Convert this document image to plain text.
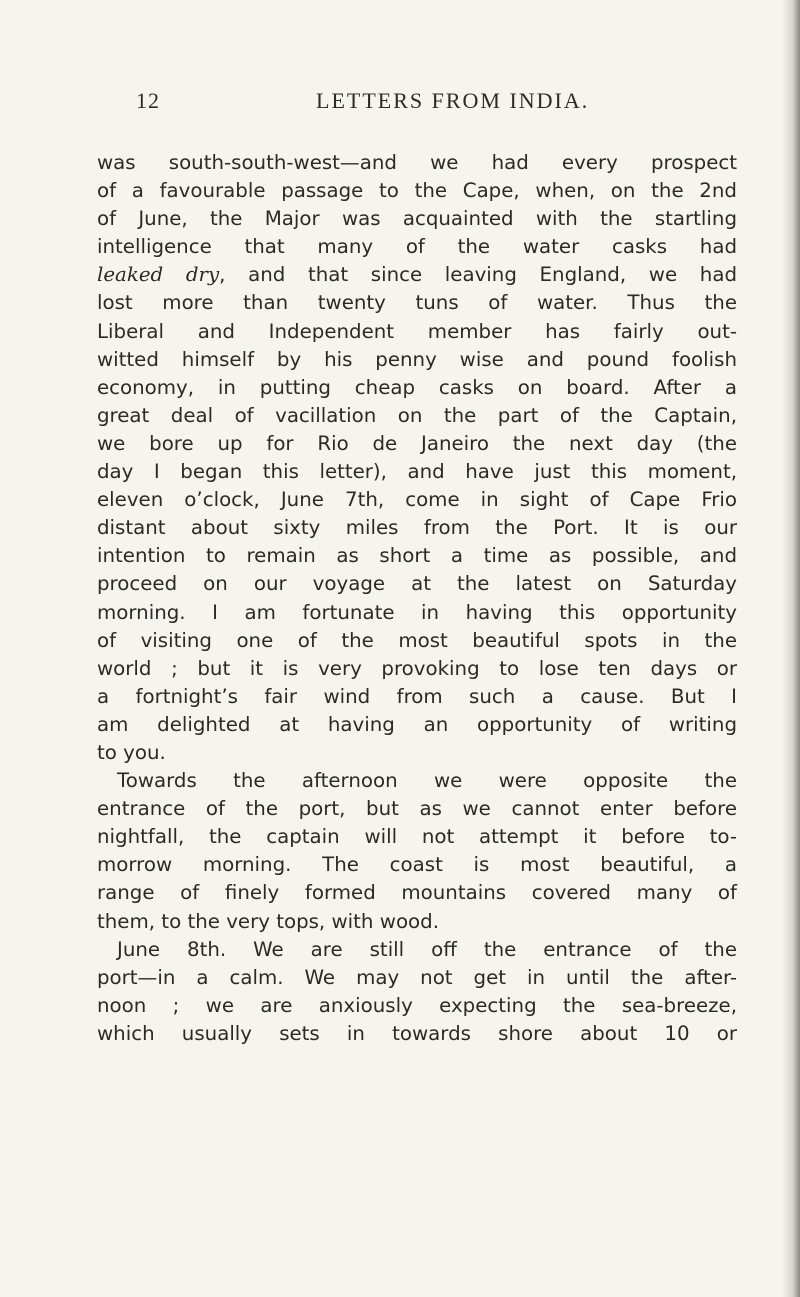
12	LETTERS FROM INDIA.
was south-south-west—and we had every prospect
of a favourable passage to the Cape, when, on the 2nd
of June, the Major was acquainted with the startling
intelligence that many of the water casks had
leaked dry, and that since leaving England, we had
lost more than twenty tuns of water. Thus the
Liberal and Independent member has fairly out-
witted himself by his penny wise and pound foolish
economy, in putting cheap casks on board. After a
great deal of vacillation on the part of the Captain,
we bore up for Rio de Janeiro the next day (the
day I began this letter), and have just this moment,
eleven o’clock, June 7th, come in sight of Cape Frio
distant about sixty miles from the Port. It is our
intention to remain as short a time as possible, and
proceed on our voyage at the latest on Saturday
morning. I am fortunate in having this opportunity
of visiting one of the most beautiful spots in the
world ; but it is very provoking to lose ten days or
a fortnight’s fair wind from such a cause. But I
am delighted at having an opportunity of writing
to you.
Towards the afternoon we were opposite the
entrance of the port, but as we cannot enter before
nightfall, the captain will not attempt it before to-
morrow morning. The coast is most beautiful, a
range of finely formed mountains covered many of
them, to the very tops, with wood.
June 8th. We are still off the entrance of the
port—in a calm. We may not get in until the after-
noon ; we are anxiously expecting the sea-breeze,
which usually sets in towards shore about 10 or
